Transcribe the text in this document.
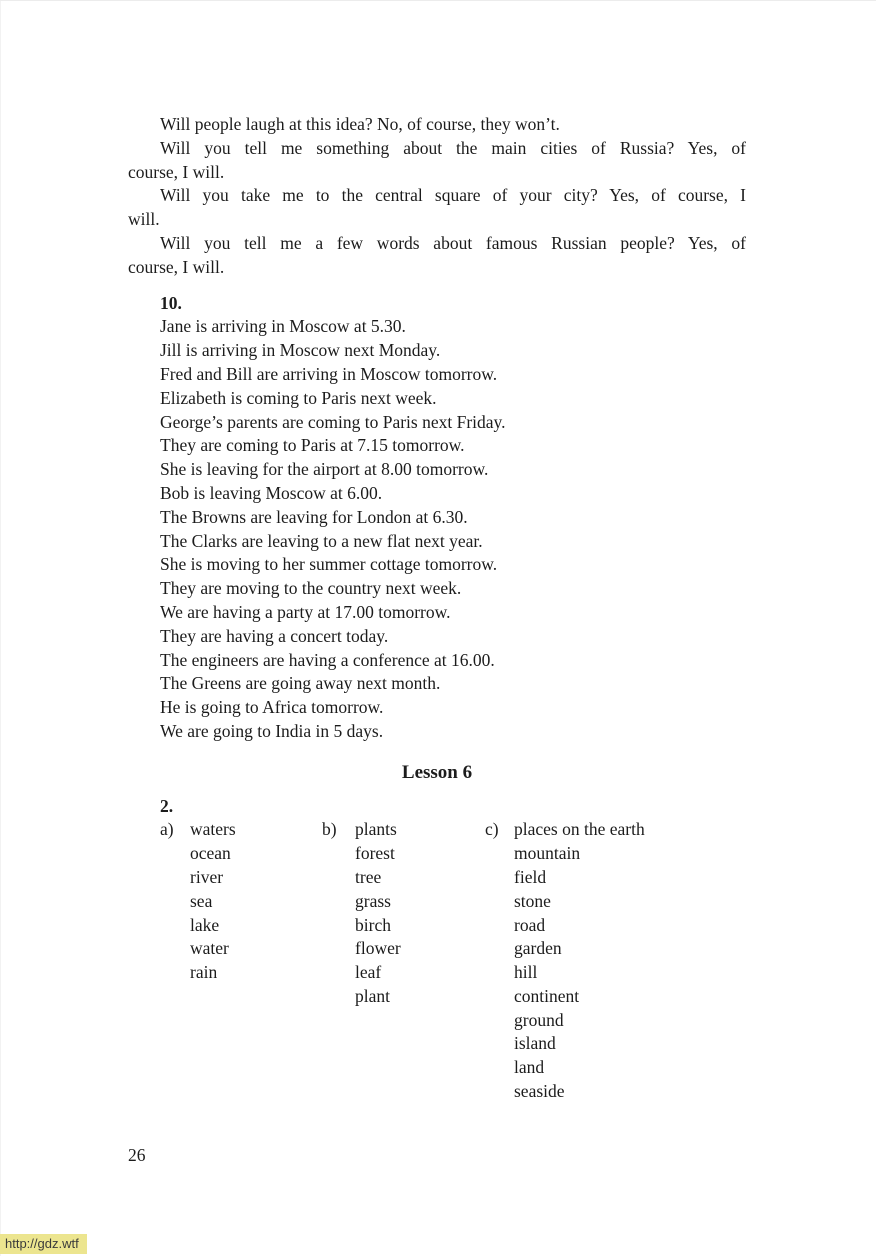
Will people laugh at this idea? No, of course, they won’t.
Will you tell me something about the main cities of Russia? Yes, of
course, I will.
Will you take me to the central square of your city? Yes, of course, I
will.
Will you tell me a few words about famous Russian people? Yes, of
course, I will.
10.
Jane is arriving in Moscow at 5.30.
Jill is arriving in Moscow next Monday.
Fred and Bill are arriving in Moscow tomorrow.
Elizabeth is coming to Paris next week.
George’s parents are coming to Paris next Friday.
They are coming to Paris at 7.15 tomorrow.
She is leaving for the airport at 8.00 tomorrow.
Bob is leaving Moscow at 6.00.
The Browns are leaving for London at 6.30.
The Clarks are leaving to a new flat next year.
She is moving to her summer cottage tomorrow.
They are moving to the country next week.
We are having a party at 17.00 tomorrow.
They are having a concert today.
The engineers are having a conference at 16.00.
The Greens are going away next month.
He is going to Africa tomorrow.
We are going to India in 5 days.
Lesson 6
2.
a) waters
ocean
river
sea
lake
water
rain
b)	plants
forest
tree
grass
birch
flower
leaf
plant
c) places on the earth
mountain
field
stone
road
garden
hill
continent
ground
island
land
seaside
26
http://gdz.wtf
